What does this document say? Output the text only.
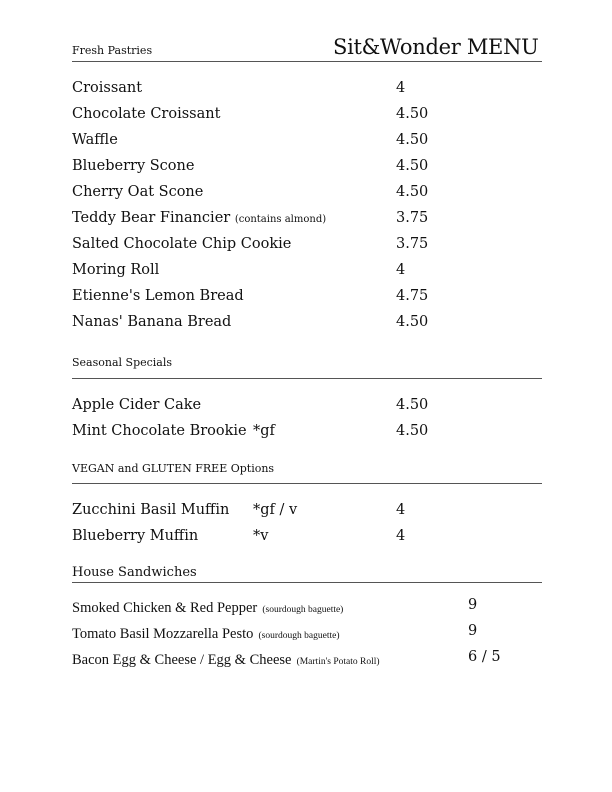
Fresh Pastries	Sit&Wonder MENU
Croissant	4
Chocolate Croissant	4.50
Waffle	4.50
Blueberry Scone	4.50
Cherry Oat Scone	4.50
Teddy Bear Financier (contains almond)	3.75
Salted Chocolate Chip Cookie	3.75
Moring Roll	4
Etienne's Lemon Bread	4.75
Nanas' Banana Bread	4.50
Seasonal Specials
Apple Cider Cake	4.50
Mint Chocolate Brookie *gf	4.50
VEGAN and GLUTEN FREE Options
Zucchini Basil Muffin *gf / v	4
Blueberry Muffin	*v	4
House Sandwiches
Smoked Chicken & Red Pepper (sourdough baguette)	9
Tomato Basil Mozzarella Pesto (sourdough baguette)	9
Bacon Egg & Cheese / Egg & Cheese (Martin's Potato Roll)	6 / 5
